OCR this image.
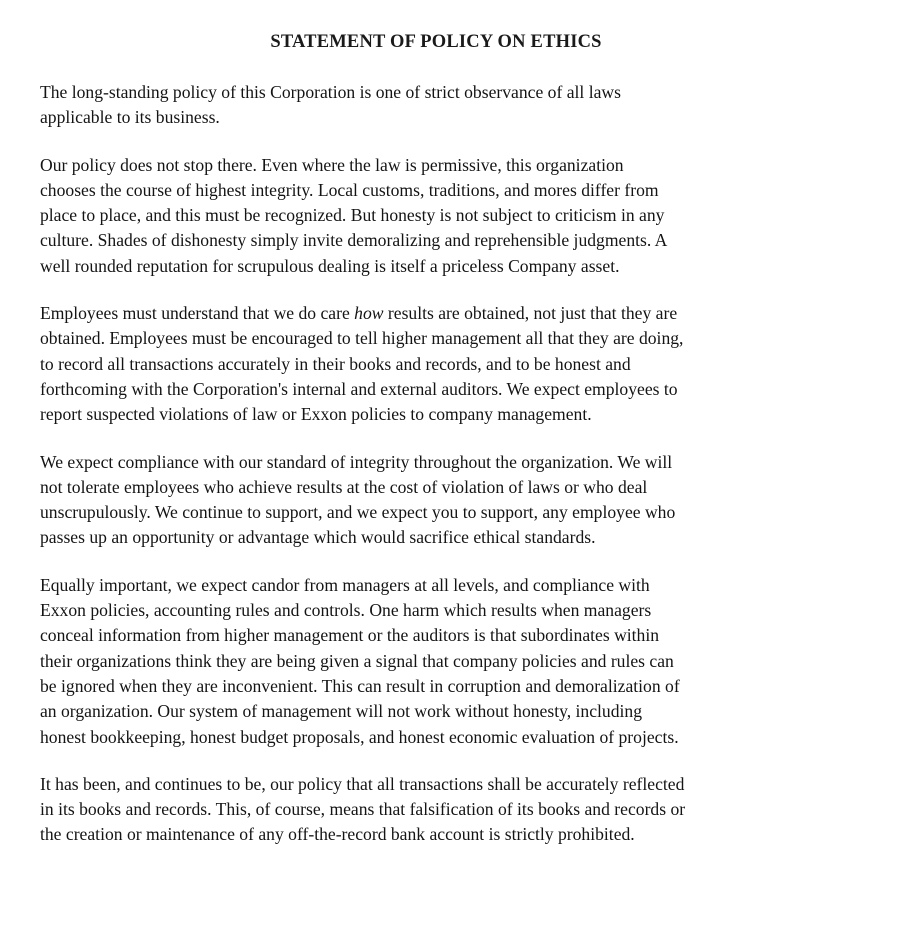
STATEMENT OF POLICY ON ETHICS
The long-standing policy of this Corporation is one of strict observance of all laws
applicable to its business.
Our policy does not stop there. Even where the law is permissive, this organization
chooses the course of highest integrity. Local customs, traditions, and mores differ from
place to place, and this must be recognized. But honesty is not subject to criticism in any
culture. Shades of dishonesty simply invite demoralizing and reprehensible judgments. A
well rounded reputation for scrupulous dealing is itself a priceless Company asset.
Employees must understand that we do care how results are obtained, not just that they are
obtained. Employees must be encouraged to tell higher management all that they are doing,
to record all transactions accurately in their books and records, and to be honest and
forthcoming with the Corporation's internal and external auditors. We expect employees to
report suspected violations of law or Exxon policies to company management.
We expect compliance with our standard of integrity throughout the organization. We will
not tolerate employees who achieve results at the cost of violation of laws or who deal
unscrupulously. We continue to support, and we expect you to support, any employee who
passes up an opportunity or advantage which would sacrifice ethical standards.
Equally important, we expect candor from managers at all levels, and compliance with
Exxon policies, accounting rules and controls. One harm which results when managers
conceal information from higher management or the auditors is that subordinates within
their organizations think they are being given a signal that company policies and rules can
be ignored when they are inconvenient. This can result in corruption and demoralization of
an organization. Our system of management will not work without honesty, including
honest bookkeeping, honest budget proposals, and honest economic evaluation of projects.
It has been, and continues to be, our policy that all transactions shall be accurately reflected
in its books and records. This, of course, means that falsification of its books and records or
the creation or maintenance of any off-the-record bank account is strictly prohibited.
